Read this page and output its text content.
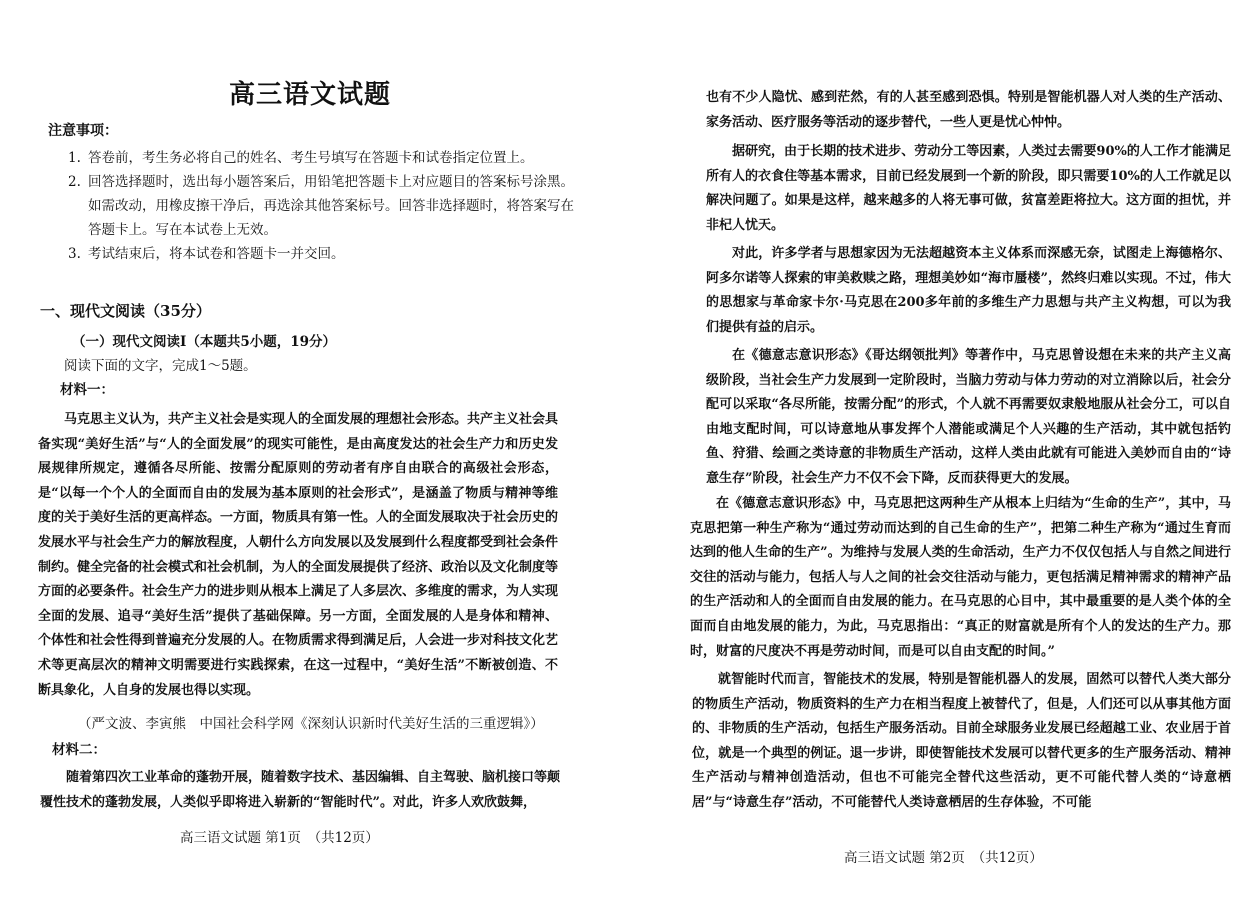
高三语文试题
注意事项：
1. 答卷前，考生务必将自己的姓名、考生号填写在答题卡和试卷指定位置上。
2. 回答选择题时，选出每小题答案后，用铅笔把答题卡上对应题目的答案标号涂黑。如需改动，用橡皮擦干净后，再选涂其他答案标号。回答非选择题时，将答案写在答题卡上。写在本试卷上无效。
3. 考试结束后，将本试卷和答题卡一并交回。
一、现代文阅读（35分）
（一）现代文阅读Ⅰ（本题共5小题，19分）
阅读下面的文字，完成1～5题。
材料一：
马克思主义认为，共产主义社会是实现人的全面发展的理想社会形态。共产主义社会具备实现“美好生活”与“人的全面发展”的现实可能性，是由高度发达的社会生产力和历史发展规律所规定，遵循各尽所能、按需分配原则的劳动者有序自由联合的高级社会形态，是“以每一个个人的全面而自由的发展为基本原则的社会形式”，是涵盖了物质与精神等维度的关于美好生活的更高样态。一方面，物质具有第一性。人的全面发展取决于社会历史的发展水平与社会生产力的解放程度，人朝什么方向发展以及发展到什么程度都受到社会条件制约。健全完备的社会模式和社会机制，为人的全面发展提供了经济、政治以及文化制度等方面的必要条件。社会生产力的进步则从根本上满足了人多层次、多维度的需求，为人实现全面的发展、追寻“美好生活”提供了基础保障。另一方面，全面发展的人是身体和精神、个体性和社会性得到普遍充分发展的人。在物质需求得到满足后，人会进一步对科技文化艺术等更高层次的精神文明需要进行实践探索，在这一过程中，“美好生活”不断被创造、不断具象化，人自身的发展也得以实现。
（严文波、李寅熊　中国社会科学网《深刻认识新时代美好生活的三重逻辑》）
材料二：
随着第四次工业革命的蓬勃开展，随着数字技术、基因编辑、自主驾驶、脑机接口等颠覆性技术的蓬勃发展，人类似乎即将进入崭新的“智能时代”。对此，许多人欢欣鼓舞，
高三语文试题 第1页　（共12页）
也有不少人隐忧、感到茫然，有的人甚至感到恐惧。特别是智能机器人对人类的生产活动、家务活动、医疗服务等活动的逐步替代，一些人更是忧心忡忡。
据研究，由于长期的技术进步、劳动分工等因素，人类过去需要90%的人工作才能满足所有人的衣食住等基本需求，目前已经发展到一个新的阶段，即只需要10%的人工作就足以解决问题了。如果是这样，越来越多的人将无事可做，贫富差距将拉大。这方面的担忧，并非杞人忧天。
对此，许多学者与思想家因为无法超越资本主义体系而深感无奈，试图走上海德格尔、阿多尔诺等人探索的审美救赎之路，理想美妙如“海市蜃楼”，然终归难以实现。不过，伟大的思想家与革命家卡尔·马克思在200多年前的多维生产力思想与共产主义构想，可以为我们提供有益的启示。
在《德意志意识形态》《哥达纲领批判》等著作中，马克思曾设想在未来的共产主义高级阶段，当社会生产力发展到一定阶段时，当脑力劳动与体力劳动的对立消除以后，社会分配可以采取“各尽所能，按需分配”的形式，个人就不再需要奴隶般地服从社会分工，可以自由地支配时间，可以诗意地从事发挥个人潜能或满足个人兴趣的生产活动，其中就包括钓鱼、狩猎、绘画之类诗意的非物质生产活动，这样人类由此就有可能进入美妙而自由的“诗意生存”阶段，社会生产力不仅不会下降，反而获得更大的发展。
在《德意志意识形态》中，马克思把这两种生产从根本上归结为“生命的生产”，其中，马克思把第一种生产称为“通过劳动而达到的自己生命的生产”，把第二种生产称为“通过生育而达到的他人生命的生产”。为维持与发展人类的生命活动，生产力不仅仅包括人与自然之间进行交往的活动与能力，包括人与人之间的社会交往活动与能力，更包括满足精神需求的精神产品的生产活动和人的全面而自由发展的能力。在马克思的心目中，其中最重要的是人类个体的全面而自由地发展的能力，为此，马克思指出：“真正的财富就是所有个人的发达的生产力。那时，财富的尺度决不再是劳动时间，而是可以自由支配的时间。”
就智能时代而言，智能技术的发展，特别是智能机器人的发展，固然可以替代人类大部分的物质生产活动，物质资料的生产力在相当程度上被替代了，但是，人们还可以从事其他方面的、非物质的生产活动，包括生产服务活动。目前全球服务业发展已经超越工业、农业居于首位，就是一个典型的例证。退一步讲，即使智能技术发展可以替代更多的生产服务活动、精神生产活动与精神创造活动，但也不可能完全替代这些活动，更不可能代替人类的“诗意栖居”与“诗意生存”活动，不可能替代人类诗意栖居的生存体验，不可能
高三语文试题 第2页　（共12页）
